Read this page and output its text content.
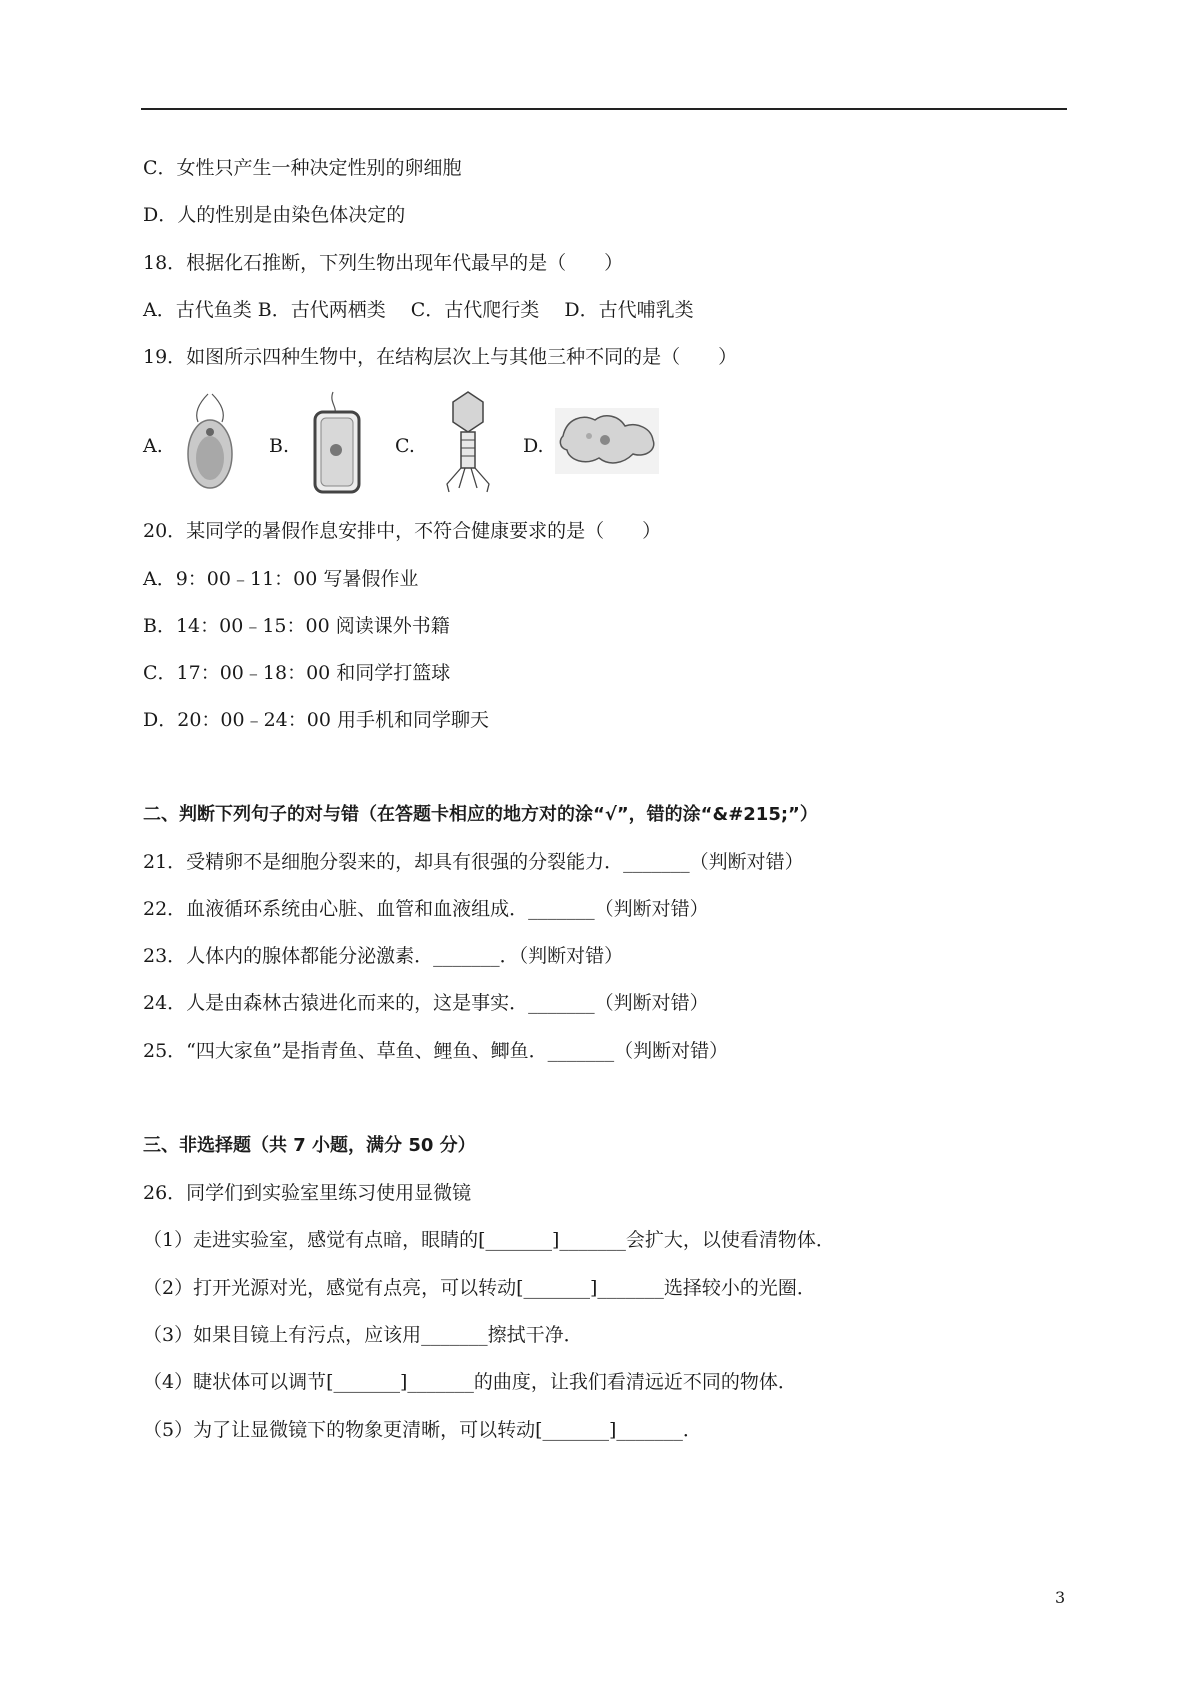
C．女性只产生一种决定性别的卵细胞
D．人的性别是由染色体决定的
18．根据化石推断，下列生物出现年代最早的是（　　）
A．古代鱼类 B．古代两栖类　 C．古代爬行类　 D．古代哺乳类
19．如图所示四种生物中，在结构层次上与其他三种不同的是（　　）
A.	B.	C.	D.
20．某同学的暑假作息安排中，不符合健康要求的是（　　）
A．9：00﹣11：00 写暑假作业
B．14：00﹣15：00 阅读课外书籍
C．17：00﹣18：00 和同学打篮球
D．20：00﹣24：00 用手机和同学聊天
二、判断下列句子的对与错（在答题卡相应的地方对的涂“√”，错的涂“&#215;”）
21．受精卵不是细胞分裂来的，却具有很强的分裂能力．_______（判断对错）
22．血液循环系统由心脏、血管和血液组成．_______（判断对错）
23．人体内的腺体都能分泌激素．_______．（判断对错）
24．人是由森林古猿进化而来的，这是事实．_______（判断对错）
25．“四大家鱼”是指青鱼、草鱼、鲤鱼、鲫鱼．_______（判断对错）
三、非选择题（共 7 小题，满分 50 分）
26．同学们到实验室里练习使用显微镜
（1）走进实验室，感觉有点暗，眼睛的[_______]_______会扩大，以使看清物体．
（2）打开光源对光，感觉有点亮，可以转动[_______]_______选择较小的光圈．
（3）如果目镜上有污点，应该用_______擦拭干净．
（4）睫状体可以调节[_______]_______的曲度，让我们看清远近不同的物体．
（5）为了让显微镜下的物象更清晰，可以转动[_______]_______．
3
